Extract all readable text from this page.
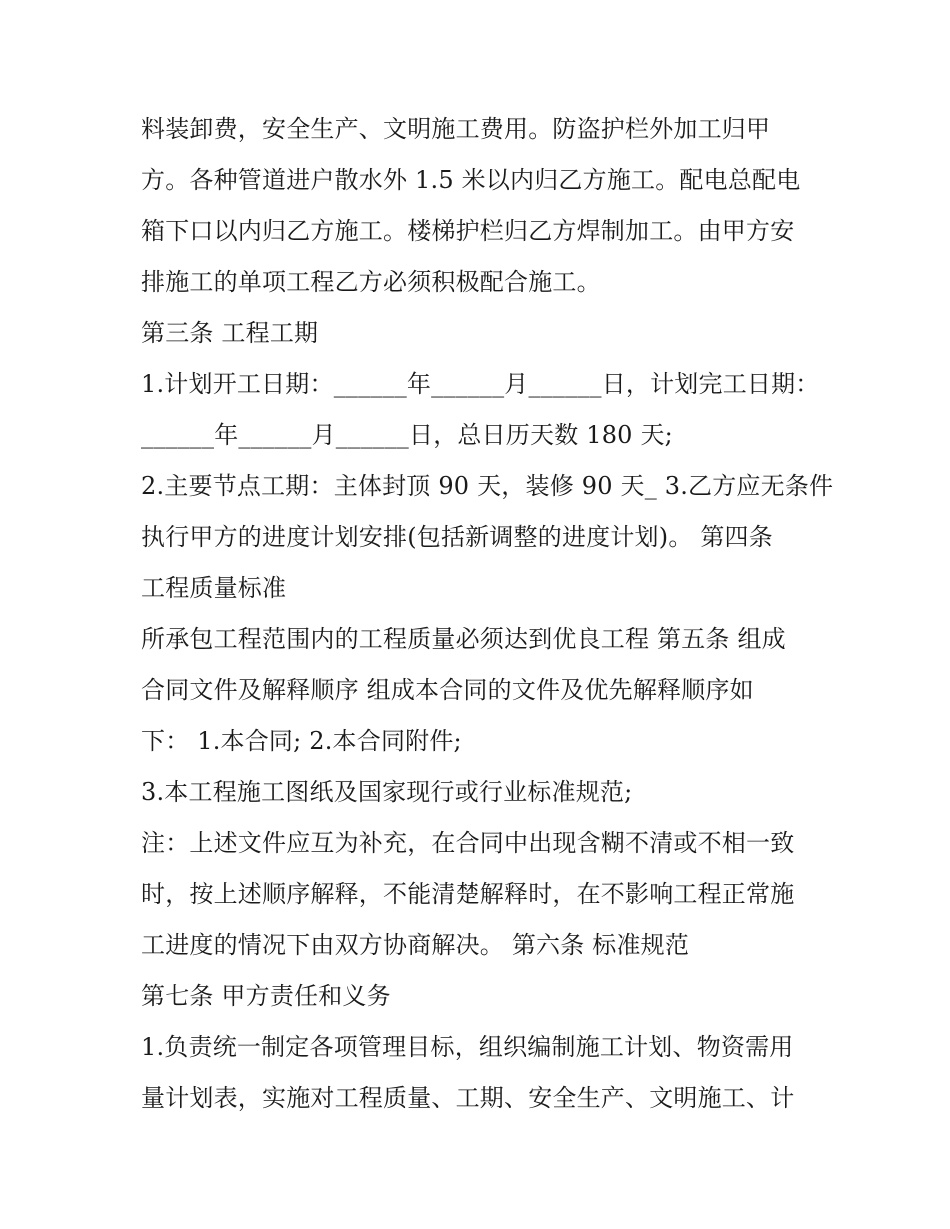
料装卸费，安全生产、文明施工费用。防盗护栏外加工归甲
方。各种管道进户散水外 1.5 米以内归乙方施工。配电总配电
箱下口以内归乙方施工。楼梯护栏归乙方焊制加工。由甲方安
排施工的单项工程乙方必须积极配合施工。
第三条 工程工期
1.计划开工日期：______年______月______日，计划完工日期：
______年______月______日，总日历天数 180 天;
2.主要节点工期：主体封顶 90 天，装修 90 天_ 3.乙方应无条件
执行甲方的进度计划安排(包括新调整的进度计划)。 第四条
工程质量标准
所承包工程范围内的工程质量必须达到优良工程 第五条 组成
合同文件及解释顺序 组成本合同的文件及优先解释顺序如
下： 1.本合同; 2.本合同附件;
3.本工程施工图纸及国家现行或行业标准规范;
注：上述文件应互为补充，在合同中出现含糊不清或不相一致
时，按上述顺序解释，不能清楚解释时，在不影响工程正常施
工进度的情况下由双方协商解决。 第六条 标准规范
第七条 甲方责任和义务
1.负责统一制定各项管理目标，组织编制施工计划、物资需用
量计划表，实施对工程质量、工期、安全生产、文明施工、计
